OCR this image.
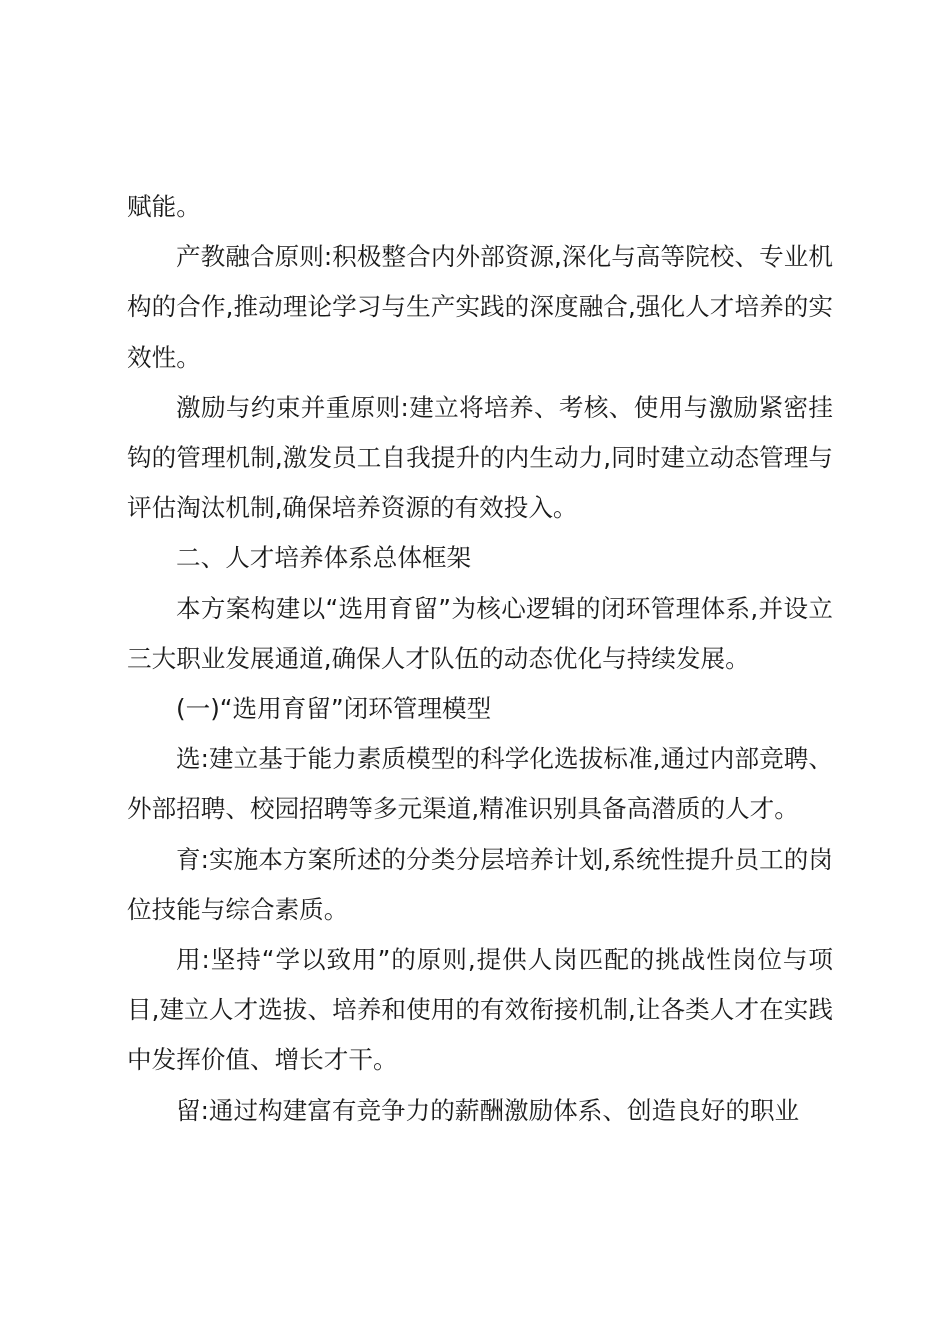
赋能。

产教融合原则:积极整合内外部资源,深化与高等院校、专业机构的合作,推动理论学习与生产实践的深度融合,强化人才培养的实效性。

激励与约束并重原则:建立将培养、考核、使用与激励紧密挂钩的管理机制,激发员工自我提升的内生动力,同时建立动态管理与评估淘汰机制,确保培养资源的有效投入。

二、人才培养体系总体框架

本方案构建以“选用育留”为核心逻辑的闭环管理体系,并设立三大职业发展通道,确保人才队伍的动态优化与持续发展。

(一)“选用育留”闭环管理模型

选:建立基于能力素质模型的科学化选拔标准,通过内部竞聘、外部招聘、校园招聘等多元渠道,精准识别具备高潜质的人才。

育:实施本方案所述的分类分层培养计划,系统性提升员工的岗位技能与综合素质。

用:坚持“学以致用”的原则,提供人岗匹配的挑战性岗位与项目,建立人才选拔、培养和使用的有效衔接机制,让各类人才在实践中发挥价值、增长才干。

留:通过构建富有竞争力的薪酬激励体系、创造良好的职业
